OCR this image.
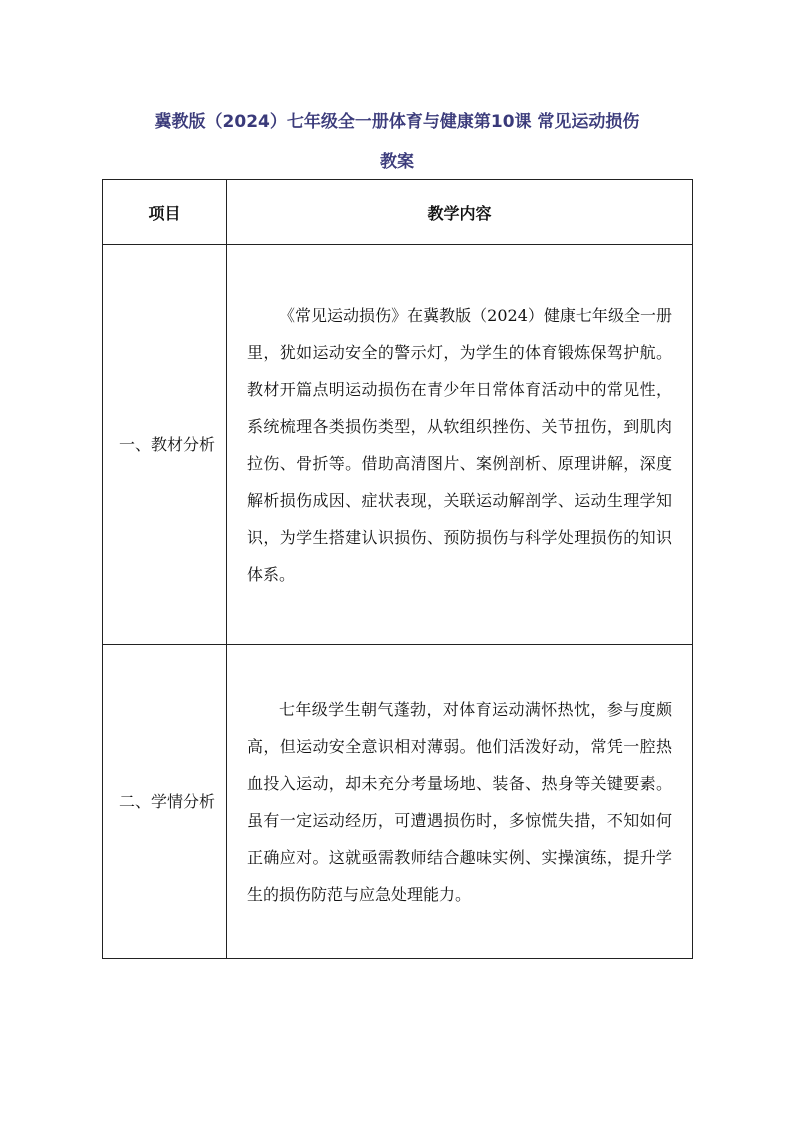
冀教版（2024）七年级全一册体育与健康第10课 常见运动损伤
教案
项目	教学内容
一、教材分析	《常见运动损伤》在冀教版（2024）健康七年级全一册里，犹如运动安全的警示灯，为学生的体育锻炼保驾护航。教材开篇点明运动损伤在青少年日常体育活动中的常见性，系统梳理各类损伤类型，从软组织挫伤、关节扭伤，到肌肉拉伤、骨折等。借助高清图片、案例剖析、原理讲解，深度解析损伤成因、症状表现，关联运动解剖学、运动生理学知识，为学生搭建认识损伤、预防损伤与科学处理损伤的知识体系。

二、学情分析	七年级学生朝气蓬勃，对体育运动满怀热忱，参与度颇高，但运动安全意识相对薄弱。他们活泼好动，常凭一腔热血投入运动，却未充分考量场地、装备、热身等关键要素。虽有一定运动经历，可遭遇损伤时，多惊慌失措，不知如何正确应对。这就亟需教师结合趣味实例、实操演练，提升学生的损伤防范与应急处理能力。
